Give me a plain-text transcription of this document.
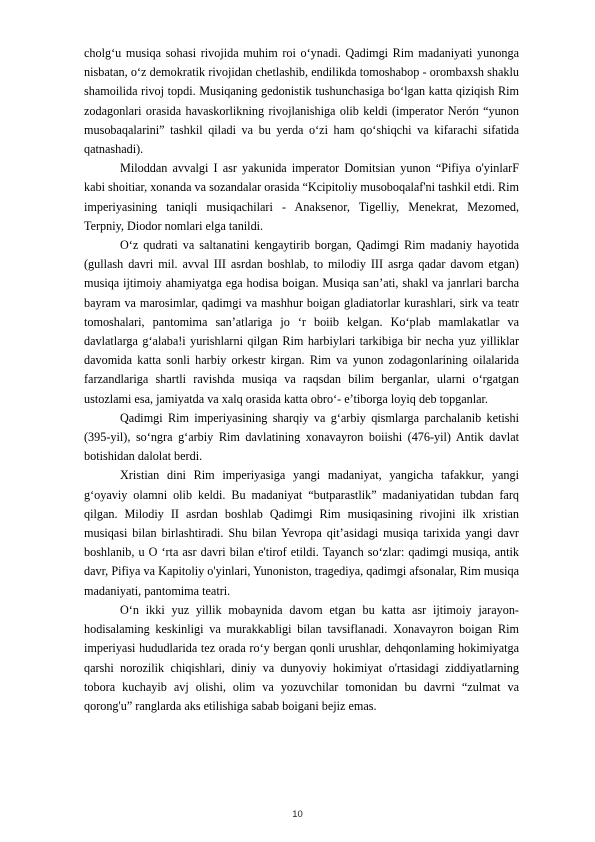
cholg‘u musiqa sohasi rivojida muhim roi o‘ynadi. Qadimgi Rim madaniyati yunonga nisbatan, o‘z demokratik rivojidan chetlashib, endilikda tomoshabop - orombaxsh shaklu shamoilida rivoj topdi. Musiqaning gedonistik tushunchasiga bo‘lgan katta qiziqish Rim zodagonlari orasida havaskorlikning rivojlanishiga olib keldi (imperator Neróп “yunon musobaqalarini” tashkil qiladi va bu yerda o‘zi ham qo‘shiqchi va kifarachi sifatida qatnashadi).

Miloddan avvalgi I asr yakunida imperator Domitsian yunon “Pifiya o'yinlarF kabi shoitiar, xonanda va sozandalar orasida “Kcipitoliy musoboqalaf'ni tashkil etdi. Rim imperiyasining taniqli musiqachilari - Anaksenor, Tigelliy, Menekrat, Mezomed, Terpniy, Diodor nomlari elga tanildi.

O‘z qudrati va saltanatini kengaytirib borgan, Qadimgi Rim madaniy hayotida (gullash davri mil. avval III asrdan boshlab, to milodiy III asrga qadar davom etgan) musiqa ijtimoiy ahamiyatga ega hodisa boigan. Musiqa san’ati, shakl va janrlari barcha bayram va marosimlar, qadimgi va mashhur boigan gladiatorlar kurashlari, sirk va teatr tomoshalari, pantomima san’atlariga jo ‘r boiib kelgan. Ko‘plab mamlakatlar va davlatlarga g‘alaba!i yurishlarni qilgan Rim harbiylari tarkibiga bir necha yuz yilliklar davomida katta sonli harbiy orkestr kirgan. Rim va yunon zodagonlarining oilalarida farzandlariga shartli ravishda musiqa va raqsdan bilim berganlar, ularni o‘rgatgan ustozlami esa, jamiyatda va xalq orasida katta obro‘- e’tiborga loyiq deb topganlar.

Qadimgi Rim imperiyasining sharqiy va g‘arbiy qismlarga parchalanib ketishi (395-yil), so‘ngra g‘arbiy Rim davlatining xonavayron boiishi (476-yil) Antik davlat botishidan dalolat berdi.

Xristian dini Rim imperiyasiga yangi madaniyat, yangicha tafakkur, yangi g‘oyaviy olamni olib keldi. Bu madaniyat “butparastlik” madaniyatidan tubdan farq qilgan. Milodiy II asrdan boshlab Qadimgi Rim musiqasining rivojini ilk xristian musiqasi bilan birlashtiradi. Shu bilan Yevropa qit’asidagi musiqa tarixida yangi davr boshlanib, u O ‘rta asr davri bilan e'tirof etildi. Tayanch so‘zlar: qadimgi musiqa, antik davr, Pifiya va Kapitoliy o'yinlari, Yunoniston, tragediya, qadimgi afsonalar, Rim musiqa madaniyati, pantomima teatri.

O‘n ikki yuz yillik mobaynida davom etgan bu katta asr ijtimoiy jarayon-hodisalaming keskinligi va murakkabligi bilan tavsiflanadi. Xonavayron boigan Rim imperiyasi hududlarida tez orada ro‘y bergan qonli urushlar, dehqonlaming hokimiyatga qarshi norozilik chiqishlari, diniy va dunyoviy hokimiyat o'rtasidagi ziddiyatlarning tobora kuchayib avj olishi, olim va yozuvchilar tomonidan bu davrni “zulmat va qorong'u” ranglarda aks etilishiga sabab boigani bejiz emas.

10
